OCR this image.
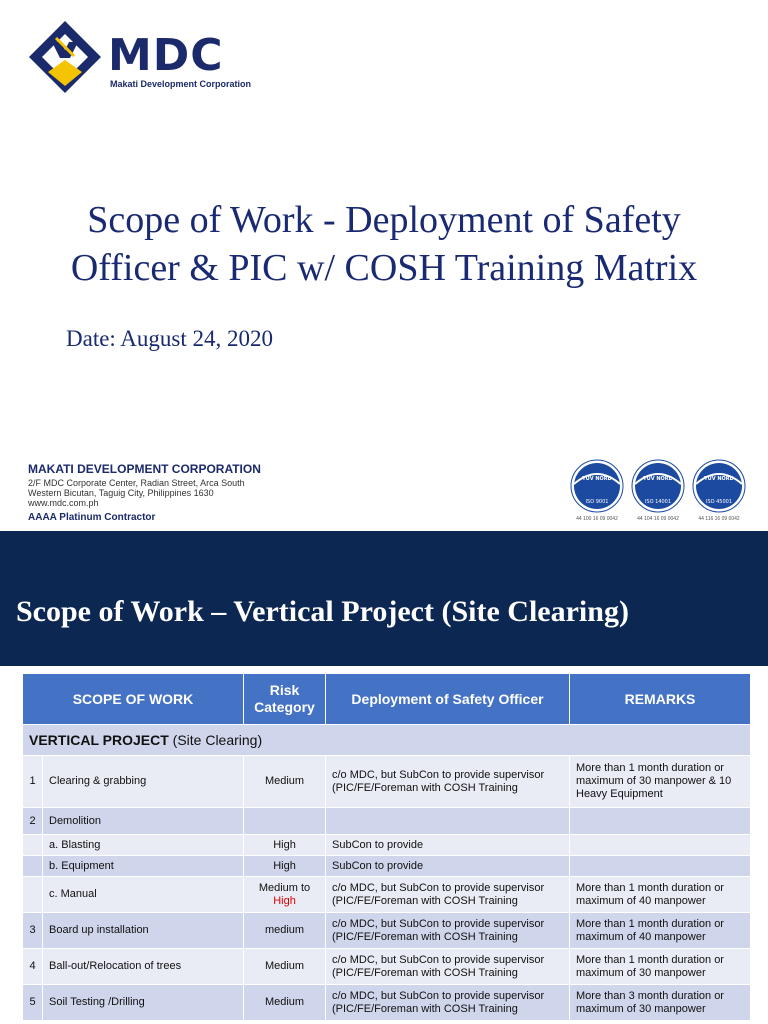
MDC
Makati Development Corporation
Scope of Work - Deployment of Safety
Officer & PIC w/ COSH Training Matrix
Date: August 24, 2020
MAKATI DEVELOPMENT CORPORATION
2/F MDC Corporate Center, Radian Street, Arca South
Western Bicutan, Taguig City, Philippines 1630
www.mdc.com.ph
AAAA Platinum Contractor
TÜV NORD
ISO 9001
44 100 16 09 0042
TÜV NORD
ISO 14001
44 104 16 09 0042
TÜV NORD
ISO 45001
44 116 16 09 0042
Scope of Work – Vertical Project (Site Clearing)
SCOPE OF WORK		Risk
Category	Deployment of Safety Officer	REMARKS
VERTICAL PROJECT (Site Clearing)				
1	Clearing & grabbing	Medium	c/o MDC, but SubCon to provide supervisor
(PIC/FE/Foreman with COSH Training	More than 1 month duration or
maximum of 30 manpower & 10
Heavy Equipment
2	Demolition			
	a. Blasting	High	SubCon to provide	
	b. Equipment	High	SubCon to provide	
	c. Manual	Medium to
High	c/o MDC, but SubCon to provide supervisor
(PIC/FE/Foreman with COSH Training	More than 1 month duration or
maximum of 40 manpower
3	Board up installation	medium	c/o MDC, but SubCon to provide supervisor
(PIC/FE/Foreman with COSH Training	More than 1 month duration or
maximum of 40 manpower
4	Ball-out/Relocation of trees	Medium	c/o MDC, but SubCon to provide supervisor
(PIC/FE/Foreman with COSH Training	More than 1 month duration or
maximum of 30 manpower
5	Soil Testing /Drilling	Medium	c/o MDC, but SubCon to provide supervisor
(PIC/FE/Foreman with COSH Training	More than 3 month duration or
maximum of 30 manpower
